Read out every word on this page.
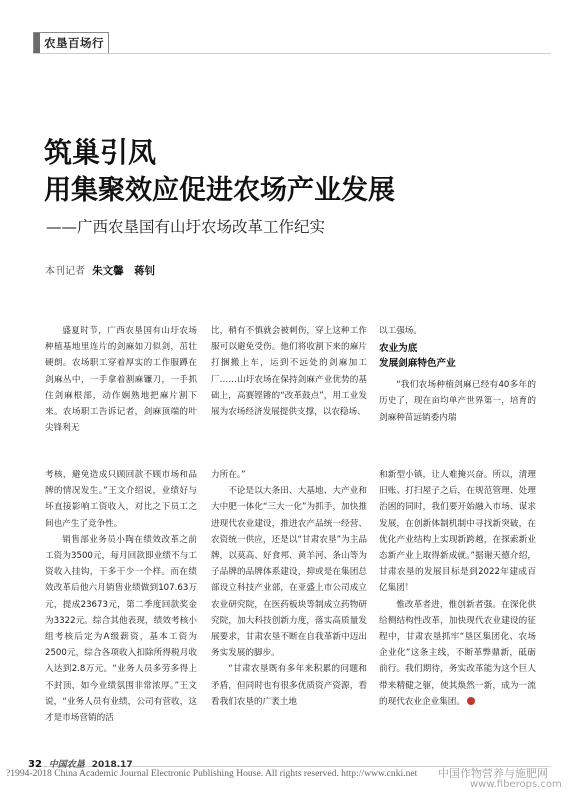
农垦百场行
筑巢引凤
用集聚效应促进农场产业发展
——广西农垦国有山圩农场改革工作纪实
本刊记者 朱文馨　蒋钊

盛夏时节，广西农垦国有山圩农场种植基地里连片的剑麻如刀似剑，茁壮硬朗。农场职工穿着厚实的工作服蹲在剑麻丛中，一手拿着割麻镰刀，一手抓住剑麻根部，动作娴熟地把麻片割下来。农场职工告诉记者，剑麻顶端的叶尖锋利无

比，稍有不慎就会被刺伤，穿上这种工作服可以避免受伤。他们将收割下来的麻片打捆搬上车，运到不远处的剑麻加工厂……山圩农场在保持剑麻产业优势的基础上，高赛铿锵的“改革鼓点”，用工业发展为农场经济发展提供支撑，以农稳场、

以工强场。

农业为底
发展剑麻特色产业

“我们农场种植剑麻已经有40多年的历史了，现在亩均单产世界第一，培育的剑麻种苗远销委内瑞

考核，避免造成只顾回款不顾市场和品牌的情况发生。”王文介绍说，业绩好与坏直接影响工资收入，对比之下员工之间也产生了竞争性。

销售部业务员小陶在绩效改革之前工资为3500元，每月回款即业绩不与工资收入挂钩，干多干少一个样。而在绩效改革后他六月销售业绩做到107.63万元，提成23673元，第二季度回款奖金为3322元。综合其他表现，绩效考核小组考核后定为A级薪资，基本工资为2500元，综合各项收入扣除所得税月收入达到2.8万元。“业务人员多劳多得上不封顶，如今业绩氛围非常浓厚。”王文说，“业务人员有业绩，公司有营收，这才是市场营销的活

力所在。”

不论是以大条田、大基地、大产业和大中肥一体化“三大一化”为抓手，加快推进现代农业建设，推进农产品统一经营、农资统一供应，还是以“甘肃农垦”为主品牌，以莫高、好食邦、黄羊河、条山等为子品牌的品牌体系建设，抑或是在集团总部设立科技产业部，在亚盛上市公司成立农业研究院，在医药板块等制成立药物研究院，加大科技创新力度，落实高质量发展要求，甘肃农垦不断在自我革新中迈出务实发展的脚步。

“甘肃农垦既有多年来积累的问题和矛盾，但同时也有很多优质资产资源，看看我们农垦的广袤土地

和新型小镇，让人难掩兴奋。所以，清理旧账、打扫屋子之后，在规范管理、处理治困的同时，我们要开始融入市场、谋求发展，在创新体制机制中寻找新突破，在优化产业结构上实现新跨越，在探索新业态新产业上取得新成就。”据谢天德介绍，甘肃农垦的发展目标是到2022年建成百亿集团！

惟改革者进，惟创新者强。在深化供给侧结构性改革，加快现代农业建设的征程中，甘肃农垦抓牢“垦区集团化、农场企业化”这条主线，不断革弊鼎新，砥砺前行。我们期待，务实改革能为这个巨人带来精健之躯，使其焕然一新，成为一流的现代农业企业集团。

32 中国农垦 2018.17
?1994-2018 China Academic Journal Electronic Publishing House. All rights reserved. http://www.cnki.net 中国作物营养与施肥网
www.fiberops.com
